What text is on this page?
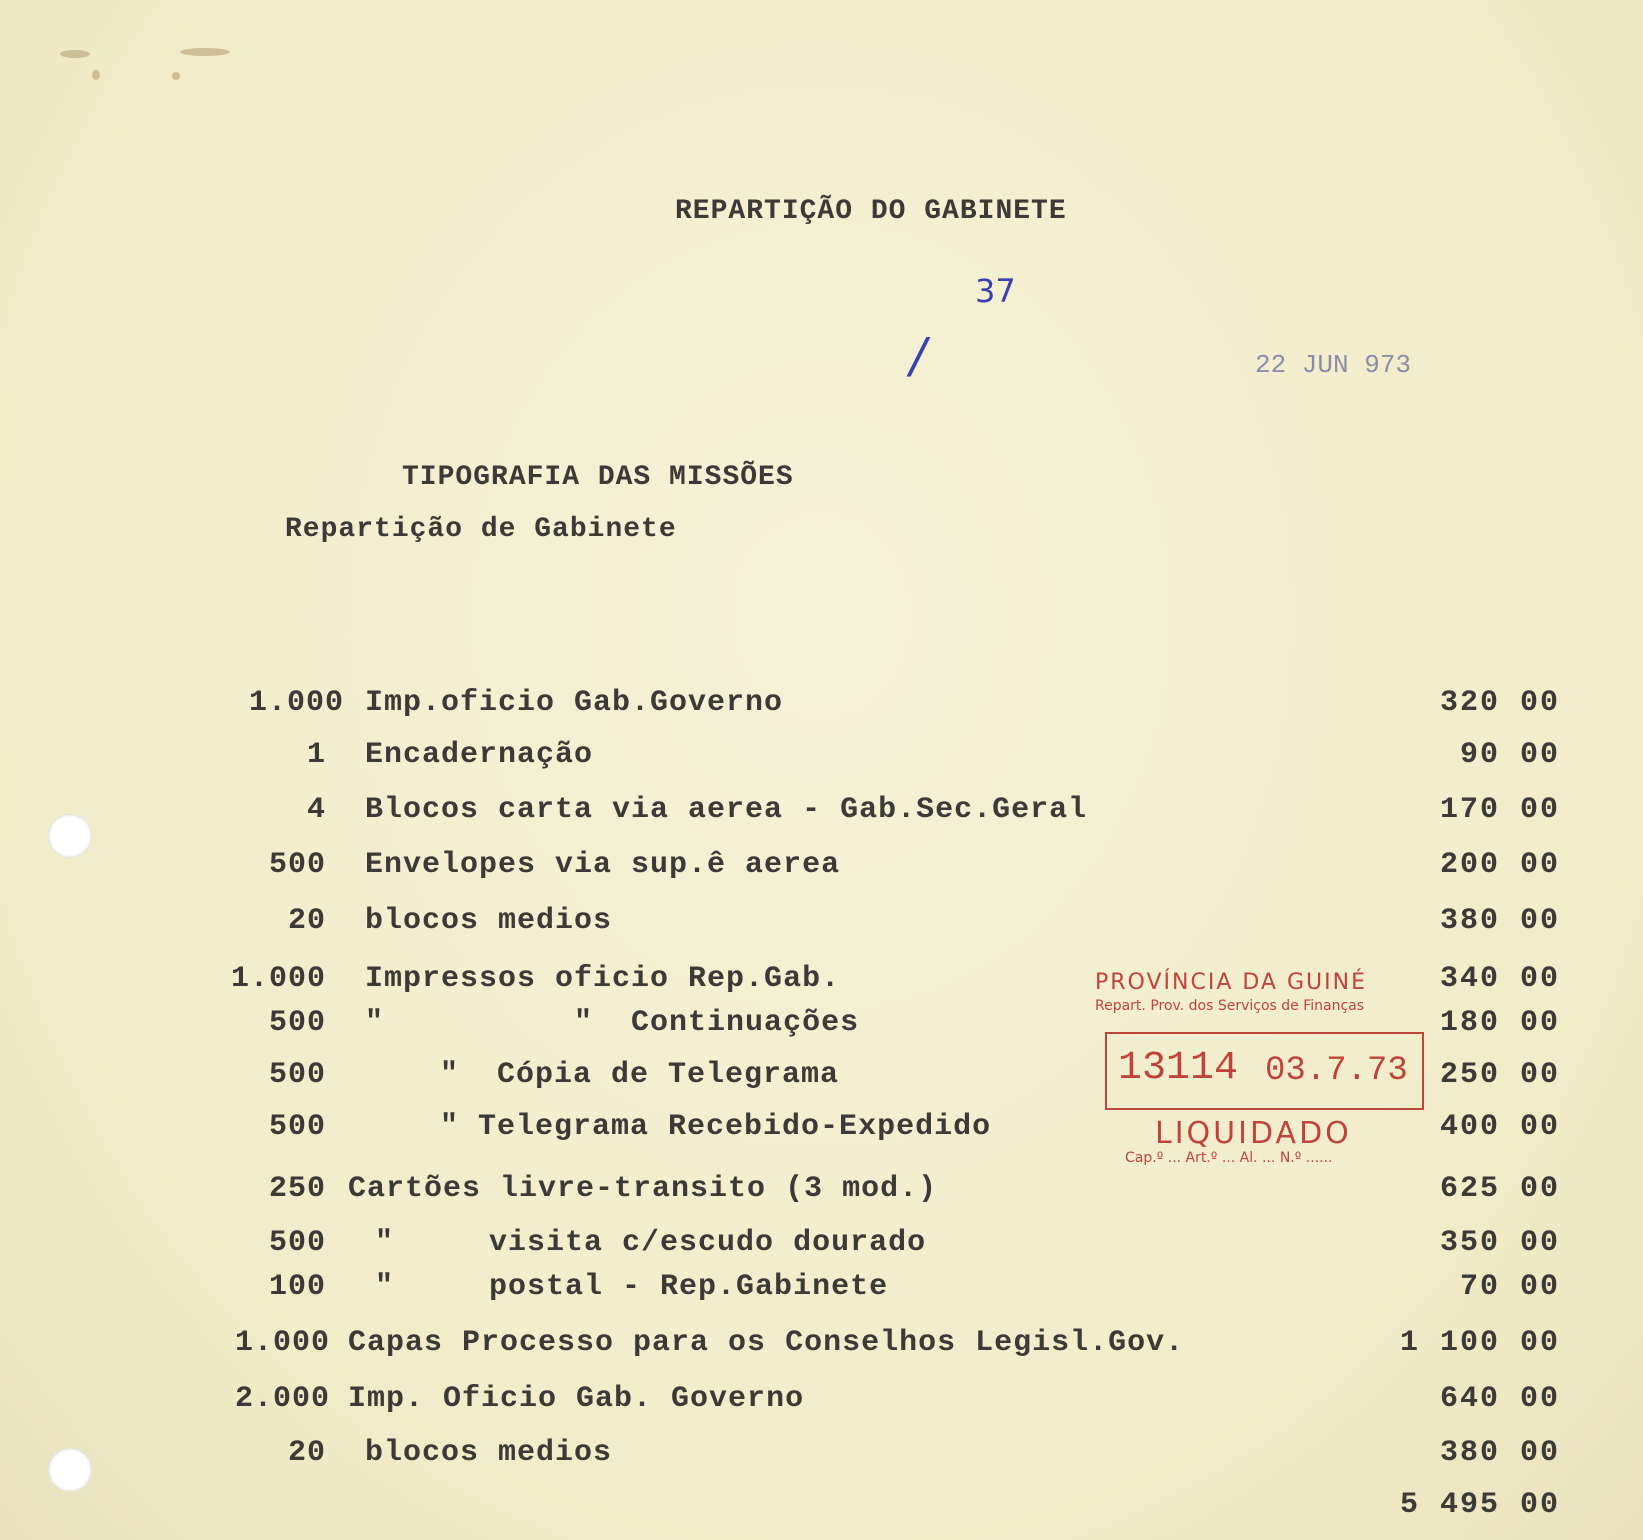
REPARTIÇÃO DO GABINETE
37
/	22 JUN 973
TIPOGRAFIA DAS MISSÕES
Repartição de Gabinete
1.000 Imp.oficio Gab.Governo	320 00
1 Encadernação	90 00
4 Blocos carta via aerea - Gab.Sec.Geral	170 00
500 Envelopes via sup.ê aerea	200 00
20 blocos medios	380 00
1.000 Impressos oficio Rep.Gab.	340 00
500 "          "  Continuações	180 00
500	"  Cópia de Telegrama	250 00
500	" Telegrama Recebido-Expedido	400 00
250 Cartões livre-transito (3 mod.)	625 00
500 "     visita c/escudo dourado	350 00
100 "     postal - Rep.Gabinete	70 00
1.000 Capas Processo para os Conselhos Legisl.Gov.	1 100 00
2.000 Imp. Oficio Gab. Governo	640 00
20 blocos medios	380 00
5 495 00
PROVÍNCIA DA GUINÉ
Repart. Prov. dos Serviços de Finanças
13114 03.7.73
LIQUIDADO
Cap.º ... Art.º ... Al. ... N.º ......
